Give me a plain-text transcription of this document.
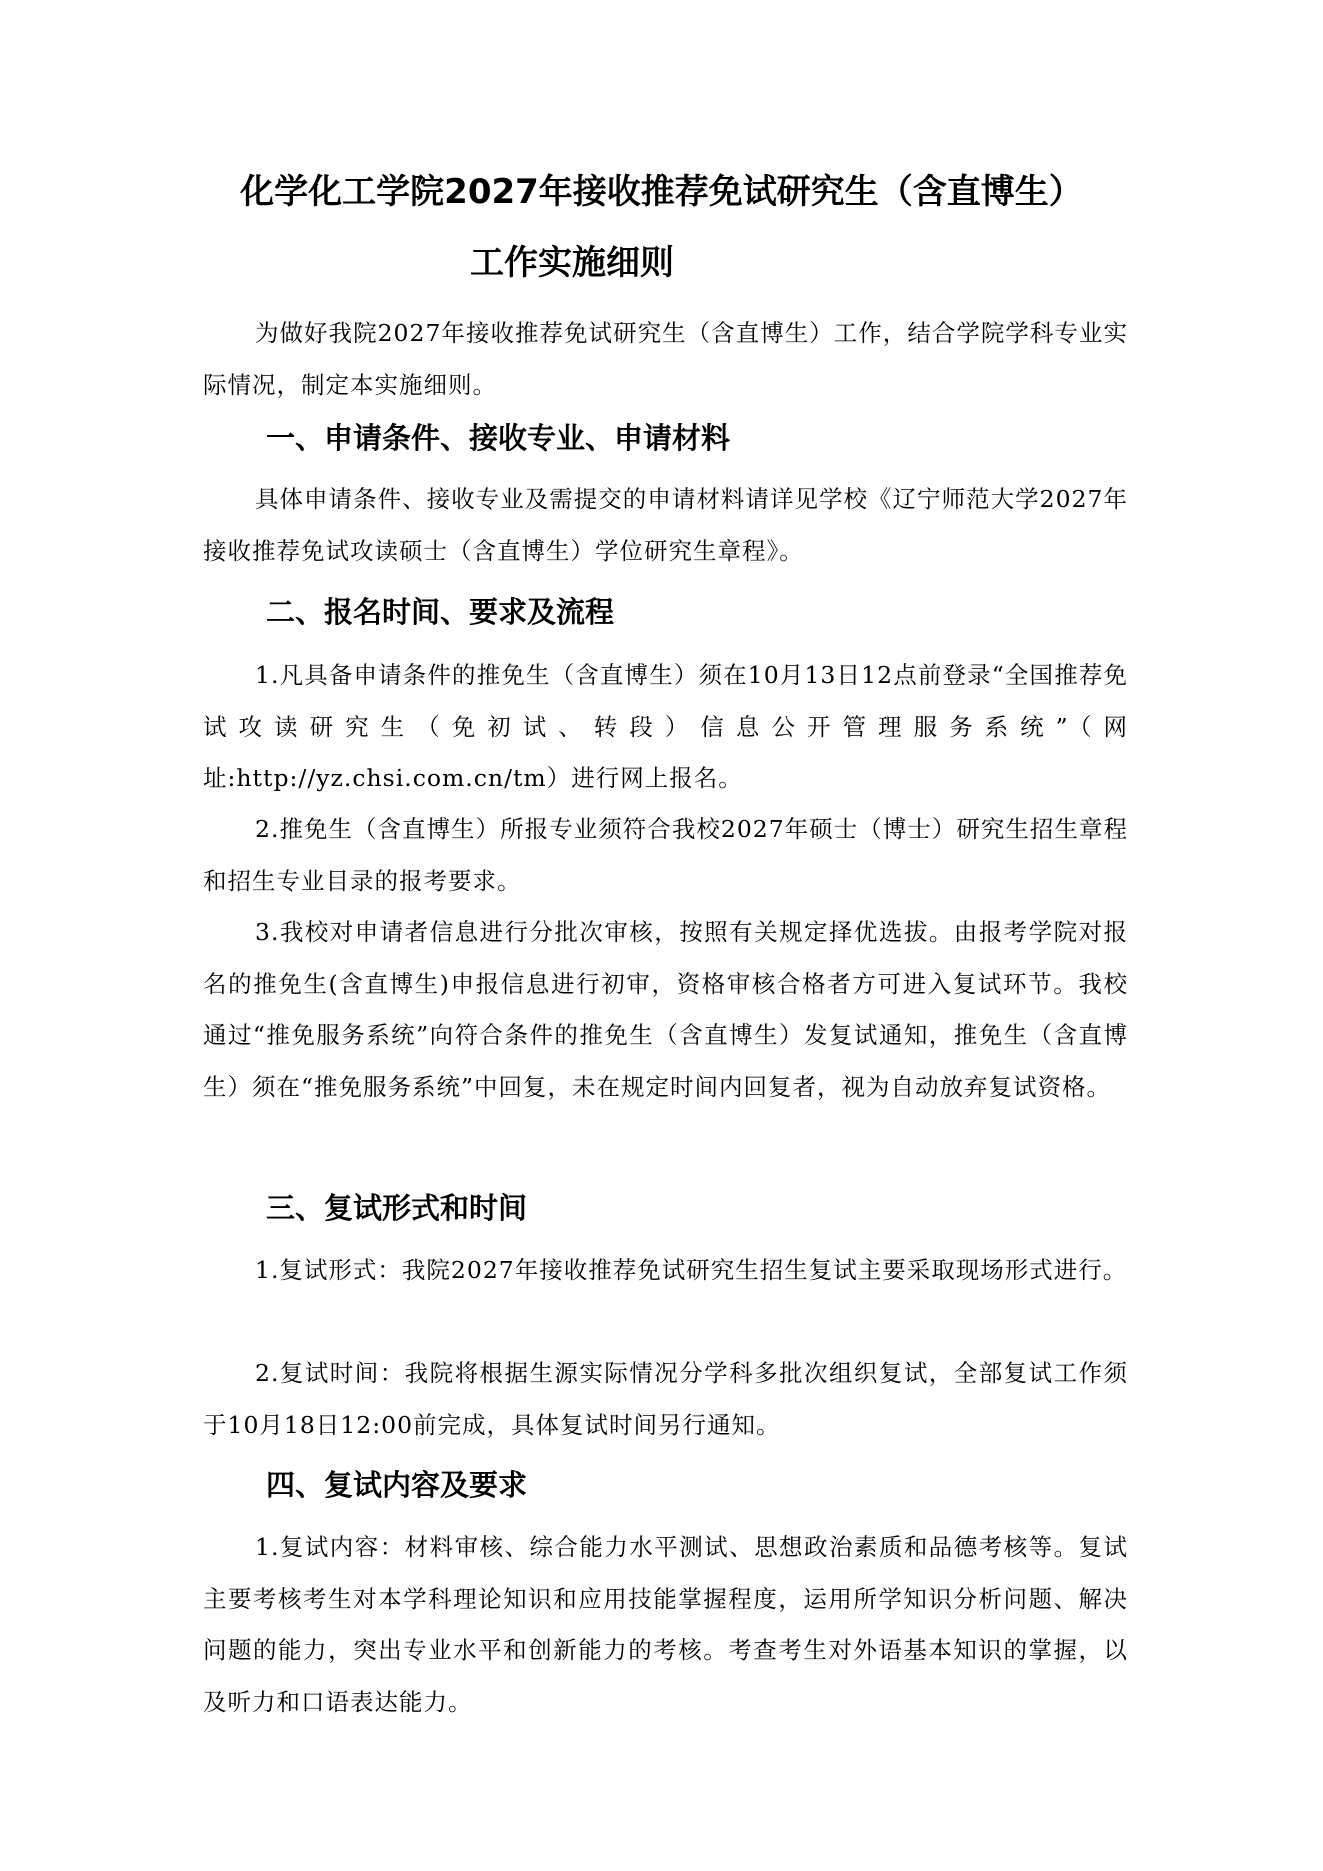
化学化工学院2027年接收推荐免试研究生（含直博生）
工作实施细则

为做好我院2027年接收推荐免试研究生（含直博生）工作，结合学院学科专业实际情况，制定本实施细则。

一、申请条件、接收专业、申请材料

具体申请条件、接收专业及需提交的申请材料请详见学校《辽宁师范大学2027年接收推荐免试攻读硕士（含直博生）学位研究生章程》。

二、报名时间、要求及流程

1.凡具备申请条件的推免生（含直博生）须在10月13日12点前登录“全国推荐免试攻读研究生（免初试、转段）信息公开管理服务系统”（网址:http://yz.chsi.com.cn/tm）进行网上报名。

2.推免生（含直博生）所报专业须符合我校2027年硕士（博士）研究生招生章程和招生专业目录的报考要求。

3.我校对申请者信息进行分批次审核，按照有关规定择优选拔。由报考学院对报名的推免生(含直博生)申报信息进行初审，资格审核合格者方可进入复试环节。我校通过“推免服务系统”向符合条件的推免生（含直博生）发复试通知，推免生（含直博生）须在“推免服务系统”中回复，未在规定时间内回复者，视为自动放弃复试资格。

三、复试形式和时间

1.复试形式：我院2027年接收推荐免试研究生招生复试主要采取现场形式进行。

2.复试时间：我院将根据生源实际情况分学科多批次组织复试，全部复试工作须于10月18日12:00前完成，具体复试时间另行通知。

四、复试内容及要求

1.复试内容：材料审核、综合能力水平测试、思想政治素质和品德考核等。复试主要考核考生对本学科理论知识和应用技能掌握程度，运用所学知识分析问题、解决问题的能力，突出专业水平和创新能力的考核。考查考生对外语基本知识的掌握，以及听力和口语表达能力。
